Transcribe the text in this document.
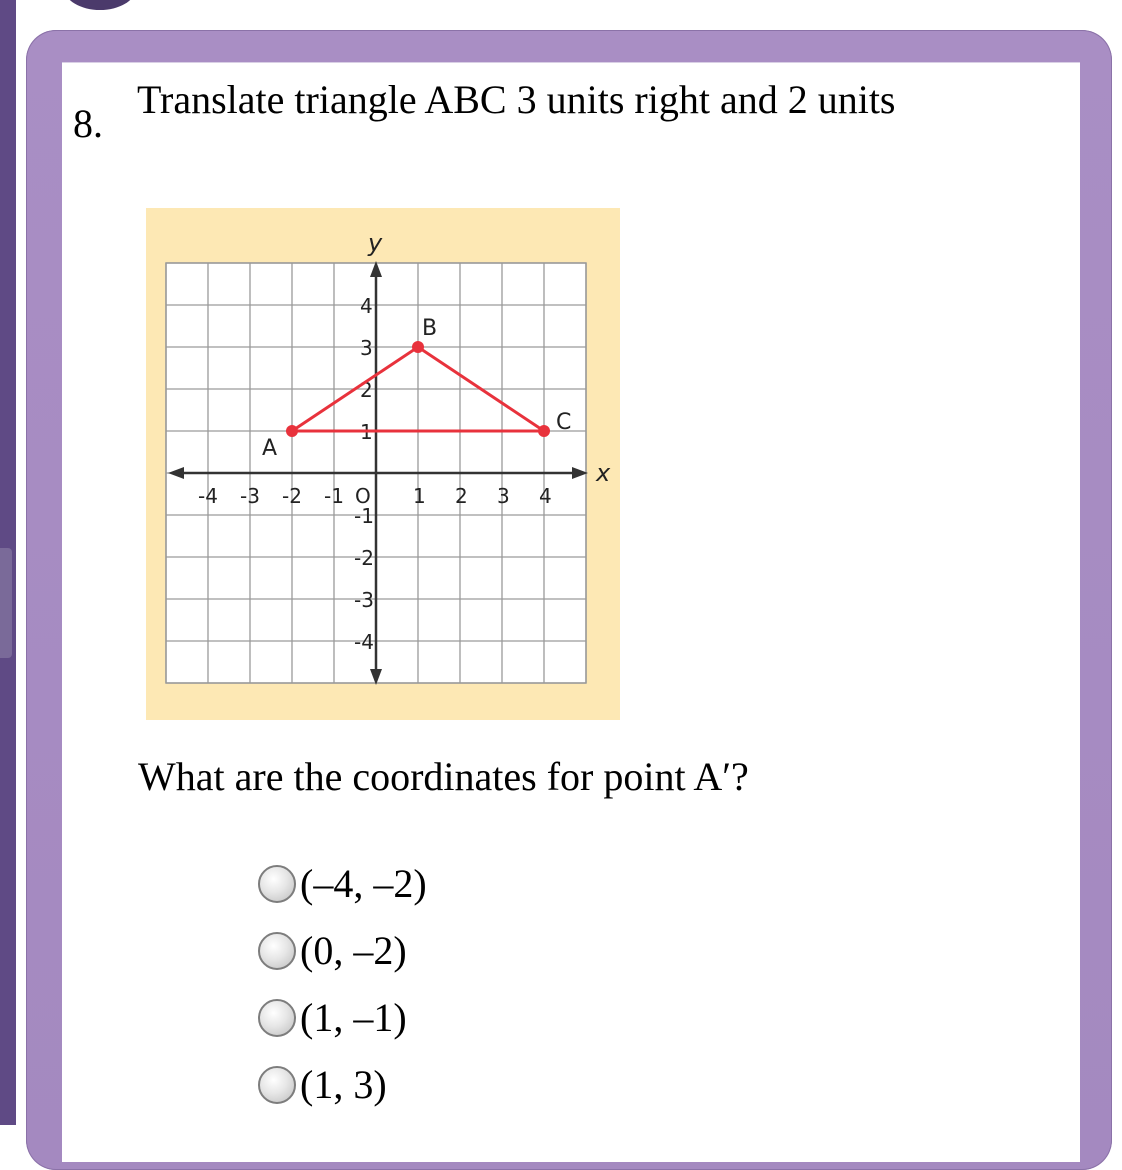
8.
Translate triangle ABC 3 units right and 2 units
x
y
O
-4 -3 -2 -1	1 2 3 4
4
3
2
1
-1
-2
-3
-4
A
B
C
What are the coordinates for point A′?
(–4, –2)
(0, –2)
(1, –1)
(1, 3)
